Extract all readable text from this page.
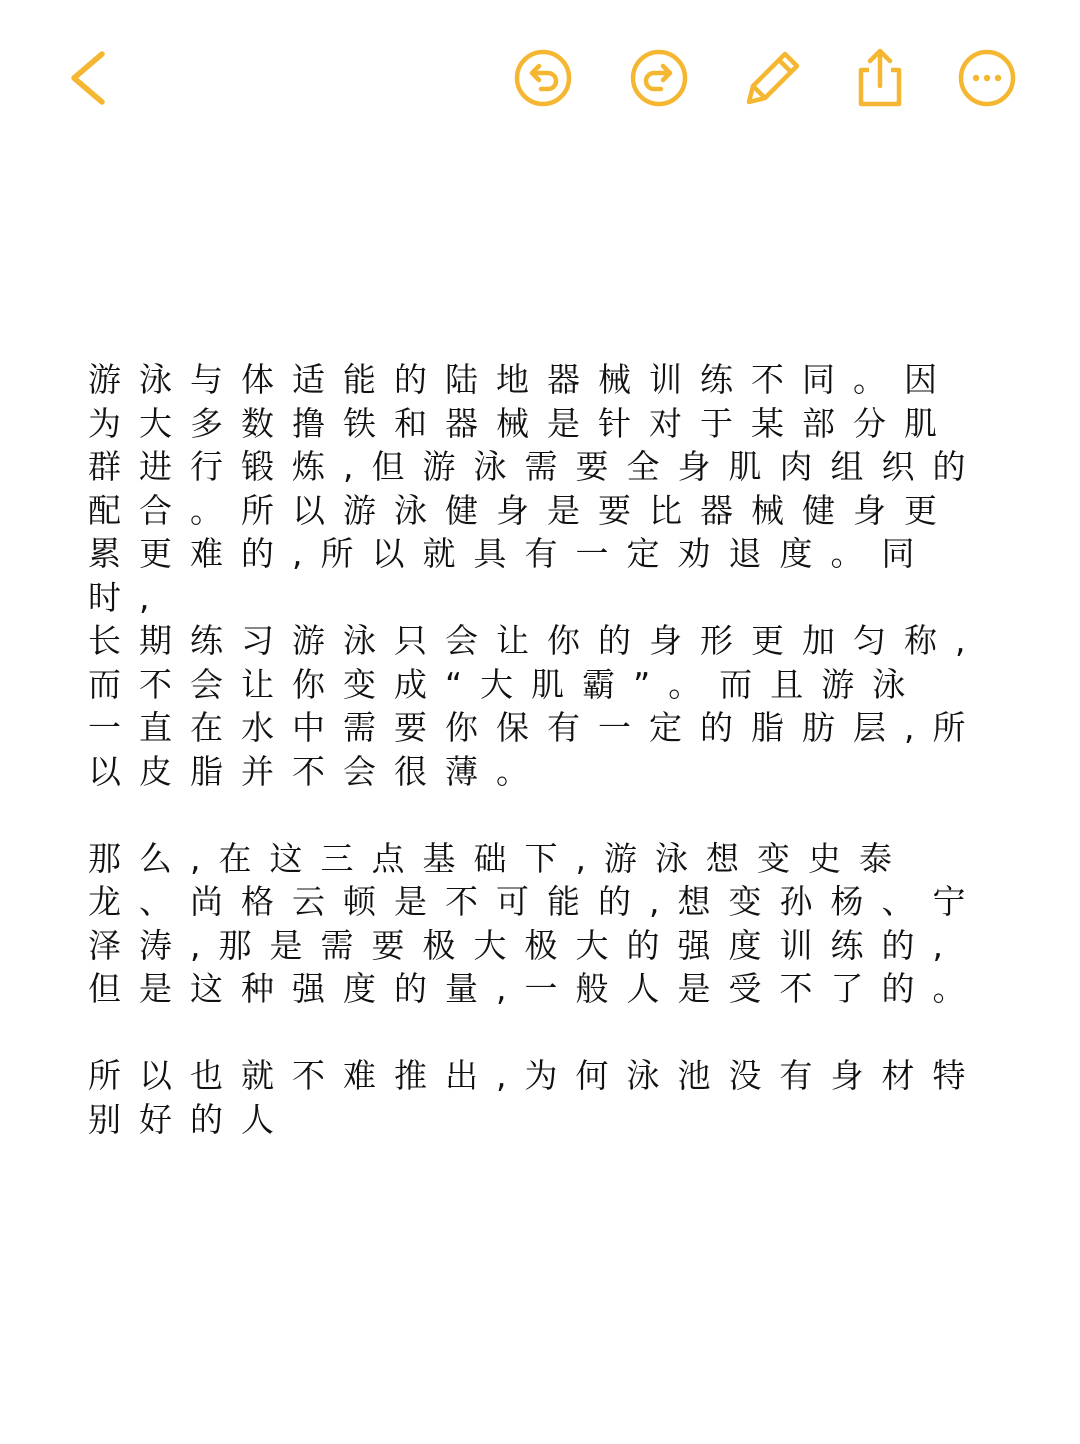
游泳与体适能的陆地器械训练不同。因
为大多数撸铁和器械是针对于某部分肌
群进行锻炼,但游泳需要全身肌肉组织的
配合。所以游泳健身是要比器械健身更
累更难的,所以就具有一定劝退度。同
时,
长期练习游泳只会让你的身形更加匀称,
而不会让你变成“大肌霸”。而且游泳
一直在水中需要你保有一定的脂肪层,所
以皮脂并不会很薄。
那么,在这三点基础下,游泳想变史泰
龙、尚格云顿是不可能的,想变孙杨、宁
泽涛,那是需要极大极大的强度训练的,
但是这种强度的量,一般人是受不了的。
所以也就不难推出,为何泳池没有身材特
别好的人
